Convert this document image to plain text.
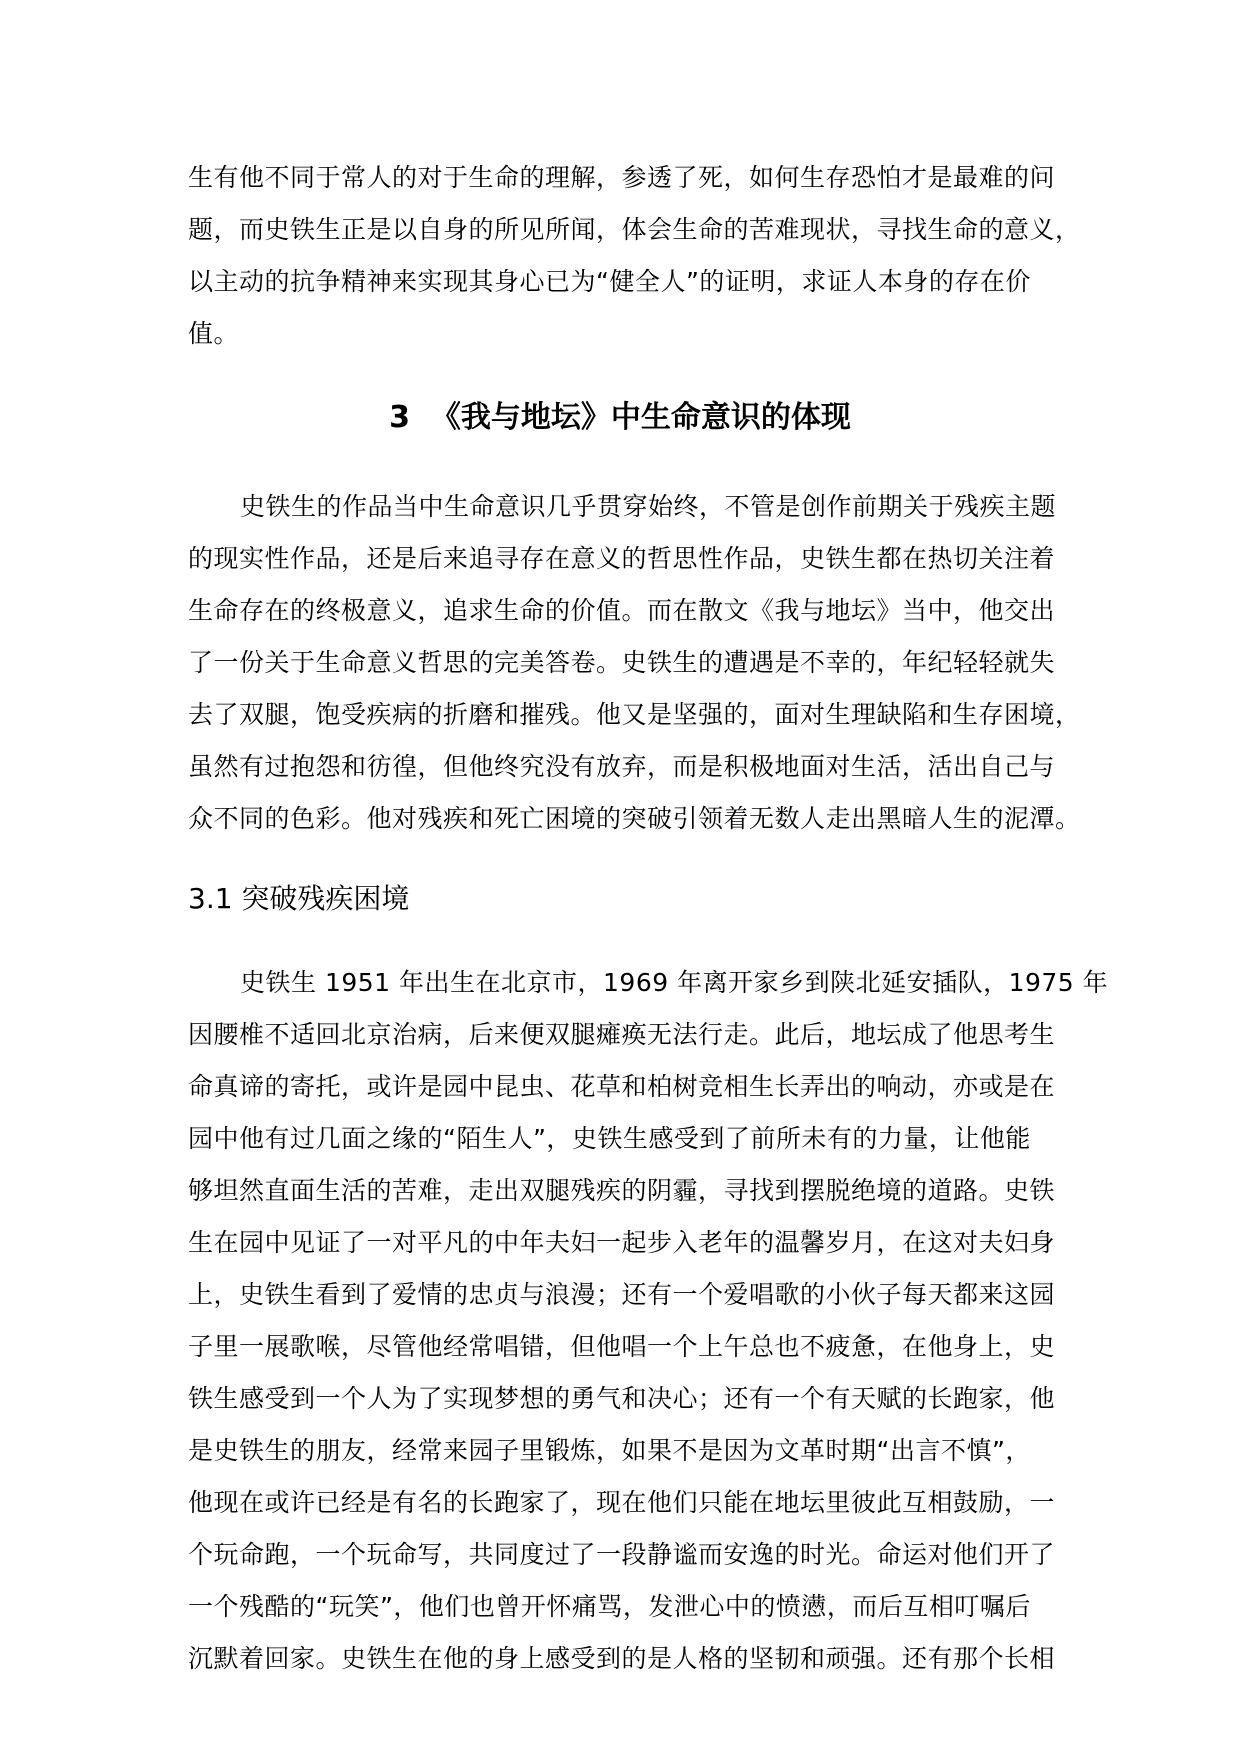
生有他不同于常人的对于生命的理解，参透了死，如何生存恐怕才是最难的问
题，而史铁生正是以自身的所见所闻，体会生命的苦难现状，寻找生命的意义，
以主动的抗争精神来实现其身心已为“健全人”的证明，求证人本身的存在价
值。
3  《我与地坛》中生命意识的体现
史铁生的作品当中生命意识几乎贯穿始终，不管是创作前期关于残疾主题
的现实性作品，还是后来追寻存在意义的哲思性作品，史铁生都在热切关注着
生命存在的终极意义，追求生命的价值。而在散文《我与地坛》当中，他交出
了一份关于生命意义哲思的完美答卷。史铁生的遭遇是不幸的，年纪轻轻就失
去了双腿，饱受疾病的折磨和摧残。他又是坚强的，面对生理缺陷和生存困境，
虽然有过抱怨和彷徨，但他终究没有放弃，而是积极地面对生活，活出自己与
众不同的色彩。他对残疾和死亡困境的突破引领着无数人走出黑暗人生的泥潭。
3.1 突破残疾困境
史铁生 1951 年出生在北京市，1969 年离开家乡到陕北延安插队，1975 年
因腰椎不适回北京治病，后来便双腿瘫痪无法行走。此后，地坛成了他思考生
命真谛的寄托，或许是园中昆虫、花草和柏树竞相生长弄出的响动，亦或是在
园中他有过几面之缘的“陌生人”，史铁生感受到了前所未有的力量，让他能
够坦然直面生活的苦难，走出双腿残疾的阴霾，寻找到摆脱绝境的道路。史铁
生在园中见证了一对平凡的中年夫妇一起步入老年的温馨岁月，在这对夫妇身
上，史铁生看到了爱情的忠贞与浪漫；还有一个爱唱歌的小伙子每天都来这园
子里一展歌喉，尽管他经常唱错，但他唱一个上午总也不疲惫，在他身上，史
铁生感受到一个人为了实现梦想的勇气和决心；还有一个有天赋的长跑家，他
是史铁生的朋友，经常来园子里锻炼，如果不是因为文革时期“出言不慎”，
他现在或许已经是有名的长跑家了，现在他们只能在地坛里彼此互相鼓励，一
个玩命跑，一个玩命写，共同度过了一段静谧而安逸的时光。命运对他们开了
一个残酷的“玩笑”，他们也曾开怀痛骂，发泄心中的愤懑，而后互相叮嘱后
沉默着回家。史铁生在他的身上感受到的是人格的坚韧和顽强。还有那个长相
